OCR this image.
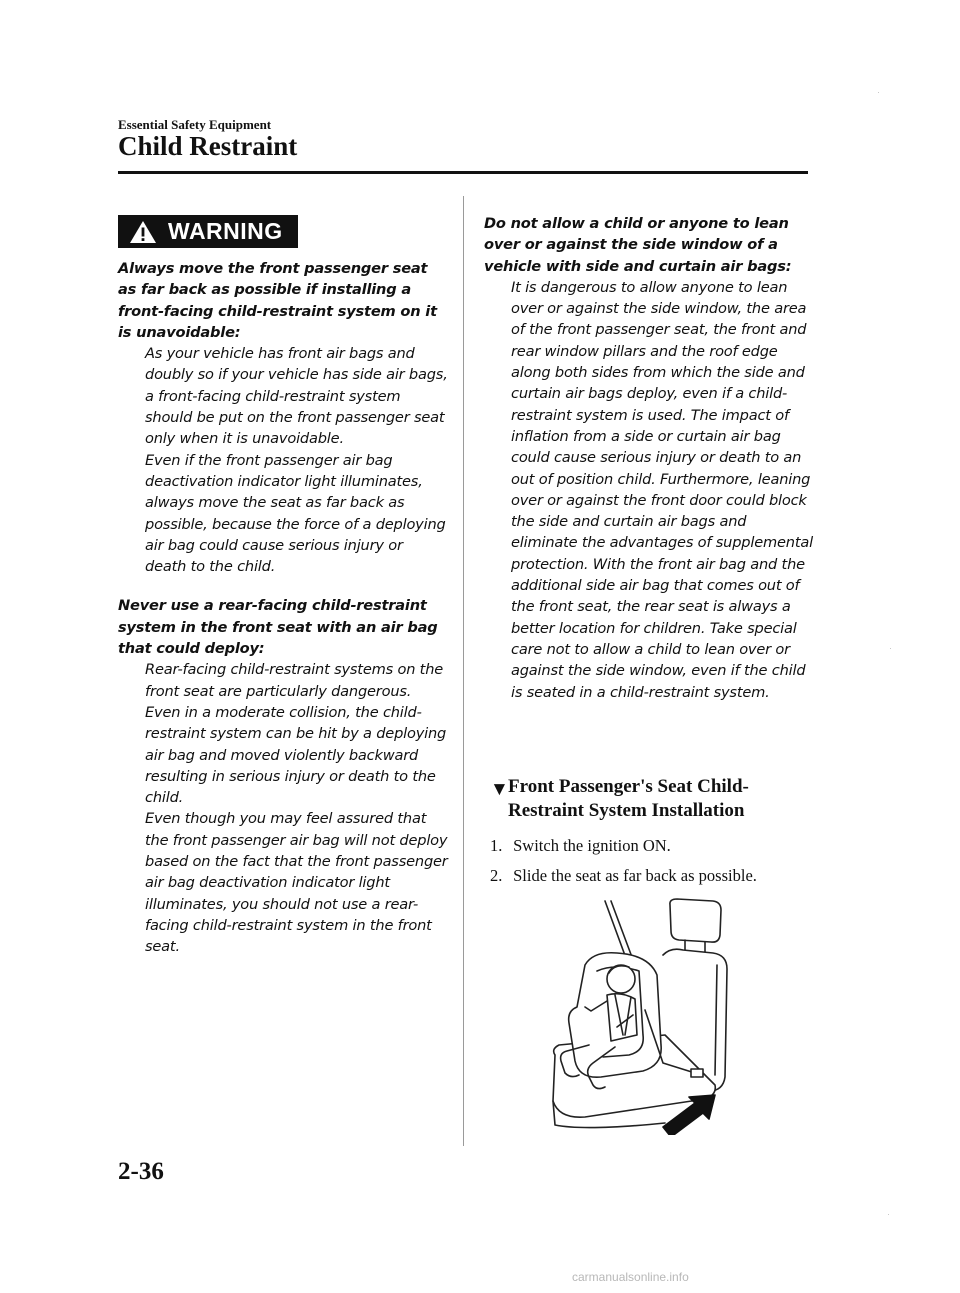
Essential Safety Equipment
Child Restraint
WARNING

Always move the front passenger seat as far back as possible if installing a front-facing child-restraint system on it is unavoidable:

As your vehicle has front air bags and doubly so if your vehicle has side air bags, a front-facing child-restraint system should be put on the front passenger seat only when it is unavoidable.

Even if the front passenger air bag deactivation indicator light illuminates, always move the seat as far back as possible, because the force of a deploying air bag could cause serious injury or death to the child.

Never use a rear-facing child-restraint system in the front seat with an air bag that could deploy:

Rear-facing child-restraint systems on the front seat are particularly dangerous.

Even in a moderate collision, the child-restraint system can be hit by a deploying air bag and moved violently backward resulting in serious injury or death to the child.

Even though you may feel assured that the front passenger air bag will not deploy based on the fact that the front passenger air bag deactivation indicator light illuminates, you should not use a rear-facing child-restraint system in the front seat.

Do not allow a child or anyone to lean over or against the side window of a vehicle with side and curtain air bags:

It is dangerous to allow anyone to lean over or against the side window, the area of the front passenger seat, the front and rear window pillars and the roof edge along both sides from which the side and curtain air bags deploy, even if a child-restraint system is used. The impact of inflation from a side or curtain air bag could cause serious injury or death to an out of position child. Furthermore, leaning over or against the front door could block the side and curtain air bags and eliminate the advantages of supplemental protection. With the front air bag and the additional side air bag that comes out of the front seat, the rear seat is always a better location for children. Take special care not to allow a child to lean over or against the side window, even if the child is seated in a child-restraint system.

▼ Front Passenger's Seat Child-Restraint System Installation
1. Switch the ignition ON.
2. Slide the seat as far back as possible.
2-36
carmanualsonline.info
